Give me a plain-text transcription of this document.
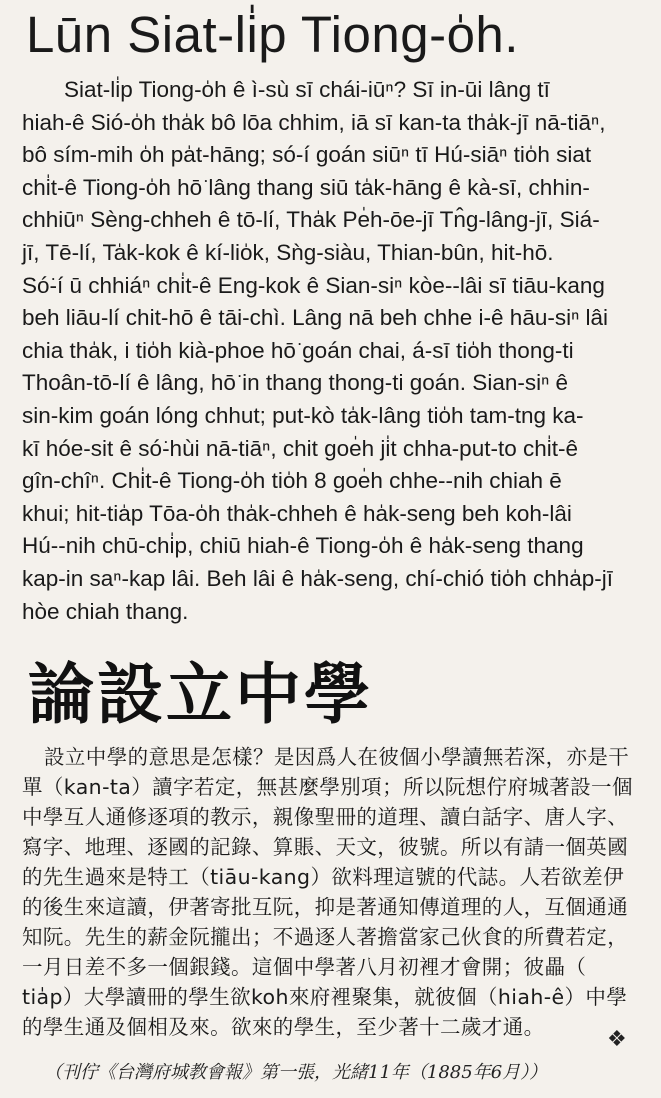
Lūn Siat-li̍p Tiong-o̍h.
Siat-li̍p Tiong-o̍h ê ì-sù sī chái-iūⁿ? Sī in-ūi lâng tī
hiah-ê Sió-o̍h tha̍k bô lōa chhim, iā sī kan-ta tha̍k-jī nā-tiāⁿ,
bô sím-mih o̍h pa̍t-hāng; só-í goán siūⁿ tī Hú-siāⁿ tio̍h siat
chi̍t-ê Tiong-o̍h hō͘ lâng thang siū ta̍k-hāng ê kà-sī, chhin-
chhiūⁿ Sèng-chheh ê tō-lí, Tha̍k Pe̍h-ōe-jī Tn̂g-lâng-jī, Siá-
jī, Tē-lí, Ta̍k-kok ê kí-lio̍k, Sǹg-siàu, Thian-bûn, hit-hō.
Só͘-í ū chhiáⁿ chi̍t-ê Eng-kok ê Sian-siⁿ kòe--lâi sī tiāu-kang
beh liāu-lí chit-hō ê tāi-chì. Lâng nā beh chhe i-ê hāu-siⁿ lâi
chia tha̍k, i tio̍h kià-phoe hō͘ goán chai, á-sī tio̍h thong-ti
Thoân-tō-lí ê lâng, hō͘ in thang thong-ti goán. Sian-siⁿ ê
sin-kim goán lóng chhut; put-kò ta̍k-lâng tio̍h tam-tng ka-
kī hóe-sit ê só͘-hùi nā-tiāⁿ, chit goe̍h ji̍t chha-put-to chi̍t-ê
gîn-chîⁿ. Chi̍t-ê Tiong-o̍h tio̍h 8 goe̍h chhe--nih chiah ē
khui; hit-tia̍p Tōa-o̍h tha̍k-chheh ê ha̍k-seng beh koh-lâi
Hú--nih chū-chi̍p, chiū hiah-ê Tiong-o̍h ê ha̍k-seng thang
kap-in saⁿ-kap lâi. Beh lâi ê ha̍k-seng, chí-chió tio̍h chha̍p-jī
hòe chiah thang.
論設立中學
設立中學的意思是怎樣？是因爲人在彼個小學讀無若深，亦是干
單（kan-ta）讀字若定，無甚麼學別項；所以阮想佇府城著設一個
中學互人通修逐項的教示，親像聖冊的道理、讀白話字、唐人字、
寫字、地理、逐國的記錄、算賬、天文，彼號。所以有請一個英國
的先生過來是特工（tiāu-kang）欲料理這號的代誌。人若欲差伊
的後生來這讀，伊著寄批互阮，抑是著通知傳道理的人，互個通通
知阮。先生的薪金阮攏出；不過逐人著擔當家己伙食的所費若定，
一月日差不多一個銀錢。這個中學著八月初裡才會開；彼畾（
tia̍p）大學讀冊的學生欲koh來府裡聚集，就彼個（hiah-ê）中學
的學生通及個相及來。欲來的學生，至少著十二歲才通。	❖
（刊佇《台灣府城教會報》第一張，光緒11年（1885年6月））
